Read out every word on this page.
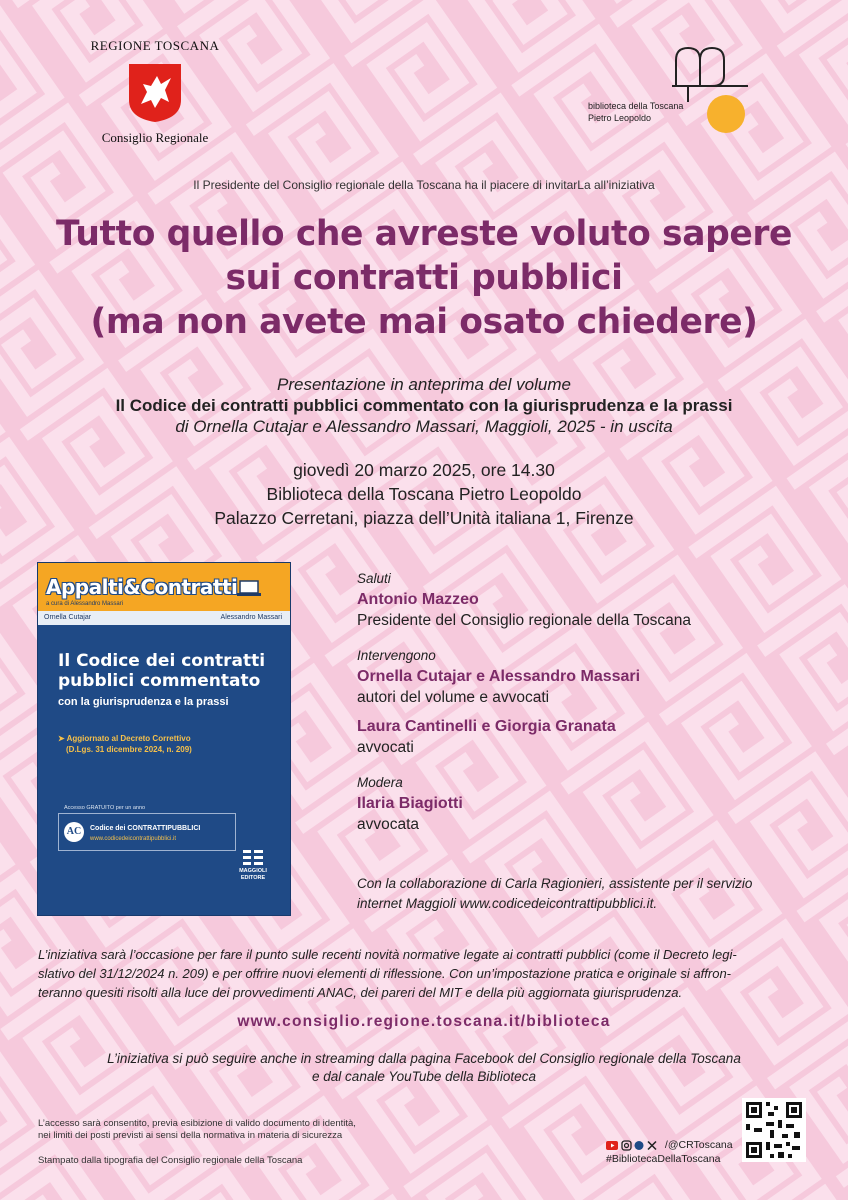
REGIONE TOSCANA
Consiglio Regionale
biblioteca della Toscana
Pietro Leopoldo
Il Presidente del Consiglio regionale della Toscana ha il piacere di invitarLa all’iniziativa
Tutto quello che avreste voluto sapere
sui contratti pubblici
(ma non avete mai osato chiedere)
Presentazione in anteprima del volume
Il Codice dei contratti pubblici commentato con la giurisprudenza e la prassi
di Ornella Cutajar e Alessandro Massari, Maggioli, 2025 - in uscita
giovedì 20 marzo 2025, ore 14.30
Biblioteca della Toscana Pietro Leopoldo
Palazzo Cerretani, piazza dell’Unità italiana 1, Firenze
Appalti&Contratti
a cura di Alessandro Massari
Ornella Cutajar	Alessandro Massari
Il Codice dei contratti pubblici commentato
con la giurisprudenza e la prassi
➤ Aggiornato al Decreto Correttivo
(D.Lgs. 31 dicembre 2024, n. 209)
Accesso GRATUITO per un anno
AC	Codice dei CONTRATTIPUBBLICI
www.codicedeicontrattipubblici.it
MAGGIOLI
EDITORE
Saluti
Antonio Mazzeo
Presidente del Consiglio regionale della Toscana
Intervengono
Ornella Cutajar e Alessandro Massari
autori del volume e avvocati
Laura Cantinelli e Giorgia Granata
avvocati
Modera
Ilaria Biagiotti
avvocata
Con la collaborazione di Carla Ragionieri, assistente per il servizio
internet Maggioli www.codicedeicontrattipubblici.it.
L’iniziativa sarà l’occasione per fare il punto sulle recenti novità normative legate ai contratti pubblici (come il Decreto legi-
slativo del 31/12/2024 n. 209) e per offrire nuovi elementi di riflessione. Con un’impostazione pratica e originale si affron-
teranno quesiti risolti alla luce dei provvedimenti ANAC, dei pareri del MIT e della più aggiornata giurisprudenza.
www.consiglio.regione.toscana.it/biblioteca
L’iniziativa si può seguire anche in streaming dalla pagina Facebook del Consiglio regionale della Toscana
e dal canale YouTube della Biblioteca
L’accesso sarà consentito, previa esibizione di valido documento di identità,
nei limiti dei posti previsti ai sensi della normativa in materia di sicurezza
Stampato dalla tipografia del Consiglio regionale della Toscana
/@CRToscana
#BibliotecaDellaToscana
